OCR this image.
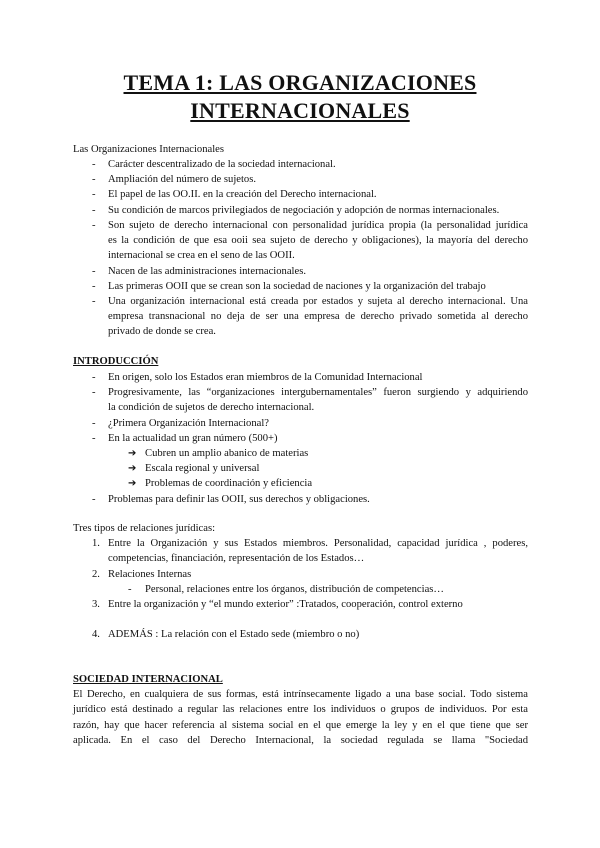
TEMA 1: LAS ORGANIZACIONES
INTERNACIONALES
Las Organizaciones Internacionales
- Carácter descentralizado de la sociedad internacional.
- Ampliación del número de sujetos.
- El papel de las OO.II. en la creación del Derecho internacional.
- Su condición de marcos privilegiados de negociación y adopción de normas internacionales.
- Son sujeto de derecho internacional con personalidad jurídica propia (la personalidad jurídica
es la condición de que esa ooii sea sujeto de derecho y obligaciones), la mayoría del derecho
internacional se crea en el seno de las OOII.
- Nacen de las administraciones internacionales.
- Las primeras OOII que se crean son la sociedad de naciones y la organización del trabajo
- Una organización internacional está creada por estados y sujeta al derecho internacional. Una
empresa transnacional no deja de ser una empresa de derecho privado sometida al derecho
privado de donde se crea.
INTRODUCCIÓN
- En origen, solo los Estados eran miembros de la Comunidad Internacional
- Progresivamente, las “organizaciones intergubernamentales” fueron surgiendo y adquiriendo
la condición de sujetos de derecho internacional.
- ¿Primera Organización Internacional?
- En la actualidad un gran número (500+)
➔ Cubren un amplio abanico de materias
➔ Escala regional y universal
➔ Problemas de coordinación y eficiencia
- Problemas para definir las OOII, sus derechos y obligaciones.
Tres tipos de relaciones jurídicas:
1. Entre la Organización y sus Estados miembros. Personalidad, capacidad jurídica , poderes,
competencias, financiación, representación de los Estados…
2. Relaciones Internas
- Personal, relaciones entre los órganos, distribución de competencias…
3. Entre la organización y “el mundo exterior” :Tratados, cooperación, control externo
4. ADEMÁS : La relación con el Estado sede (miembro o no)
SOCIEDAD INTERNACIONAL
El Derecho, en cualquiera de sus formas, está intrínsecamente ligado a una base social. Todo sistema
jurídico está destinado a regular las relaciones entre los individuos o grupos de individuos. Por esta
razón, hay que hacer referencia al sistema social en el que emerge la ley y en el que tiene que ser
aplicada. En el caso del Derecho Internacional, la sociedad regulada se llama "Sociedad
